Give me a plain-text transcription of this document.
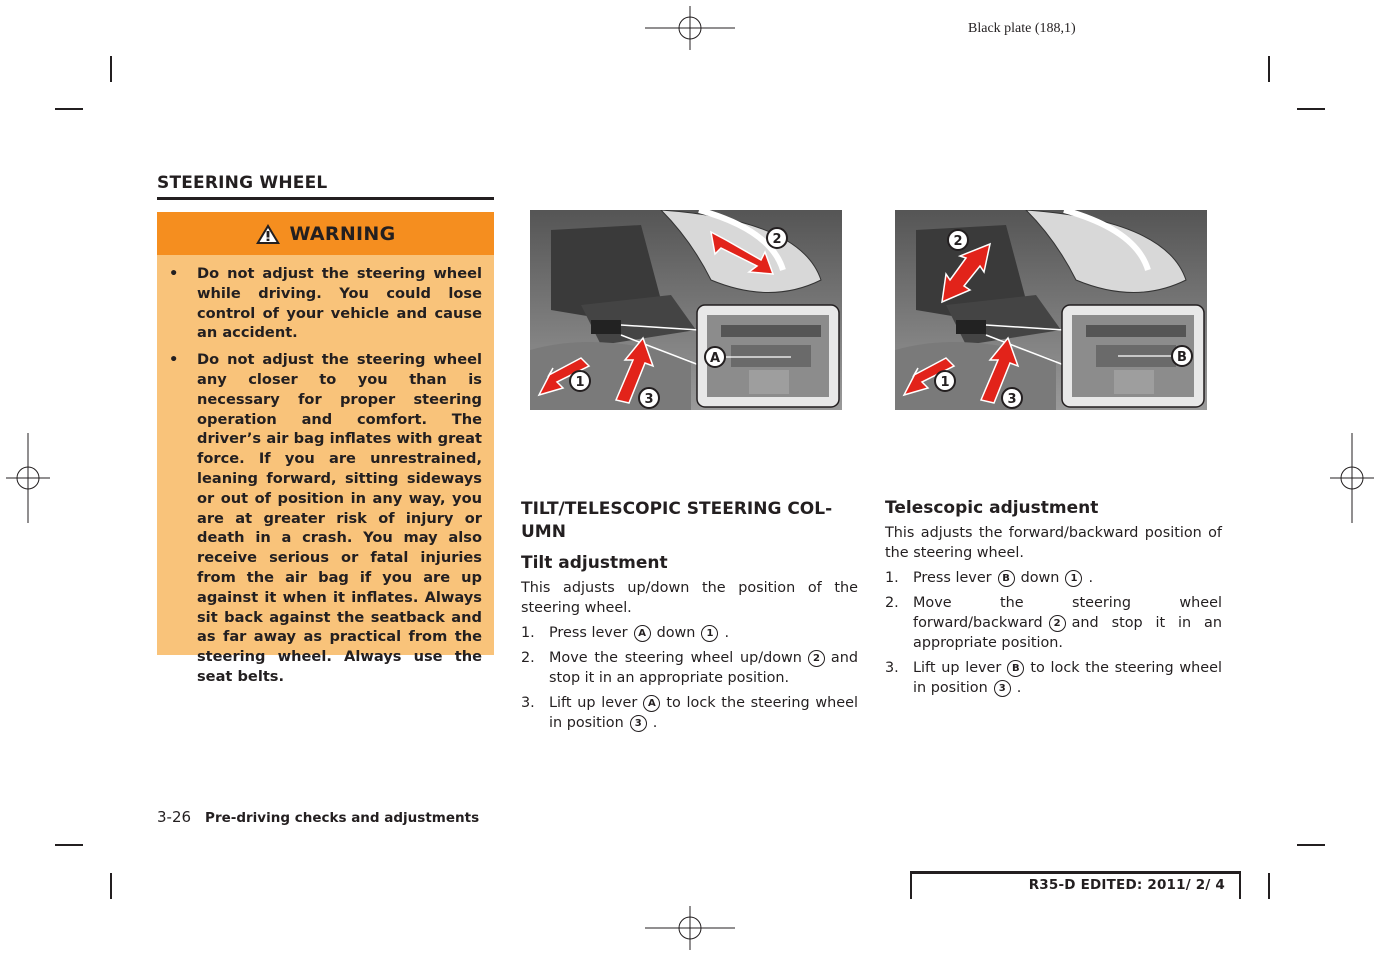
Black plate (188,1)
STEERING WHEEL
WARNING
• Do not adjust the steering wheel while driving. You could lose control of your vehicle and cause an accident.
• Do not adjust the steering wheel any closer to you than is necessary for proper steering operation and comfort. The driver’s air bag inflates with great force. If you are unrestrained, leaning forward, sitting sideways or out of position in any way, you are at greater risk of injury or death in a crash. You may also receive serious or fatal injuries from the air bag if you are up against it when it inflates. Always sit back against the seatback and as far away as practical from the steering wheel. Always use the seat belts.
2
1
3
A
2
1
3
B
TILT/TELESCOPIC STEERING COLUMN
Tilt adjustment
This adjusts up/down the position of the steering wheel.
1. Press lever A down 1 .
2. Move the steering wheel up/down 2 and stop it in an appropriate position.
3. Lift up lever A to lock the steering wheel in position 3 .
Telescopic adjustment
This adjusts the forward/backward position of the steering wheel.
1. Press lever B down 1 .
2. Move the steering wheel forward/backward 2 and stop it in an appropriate position.
3. Lift up lever B to lock the steering wheel in position 3 .
3-26 Pre-driving checks and adjustments
R35-D EDITED: 2011/ 2/ 4
